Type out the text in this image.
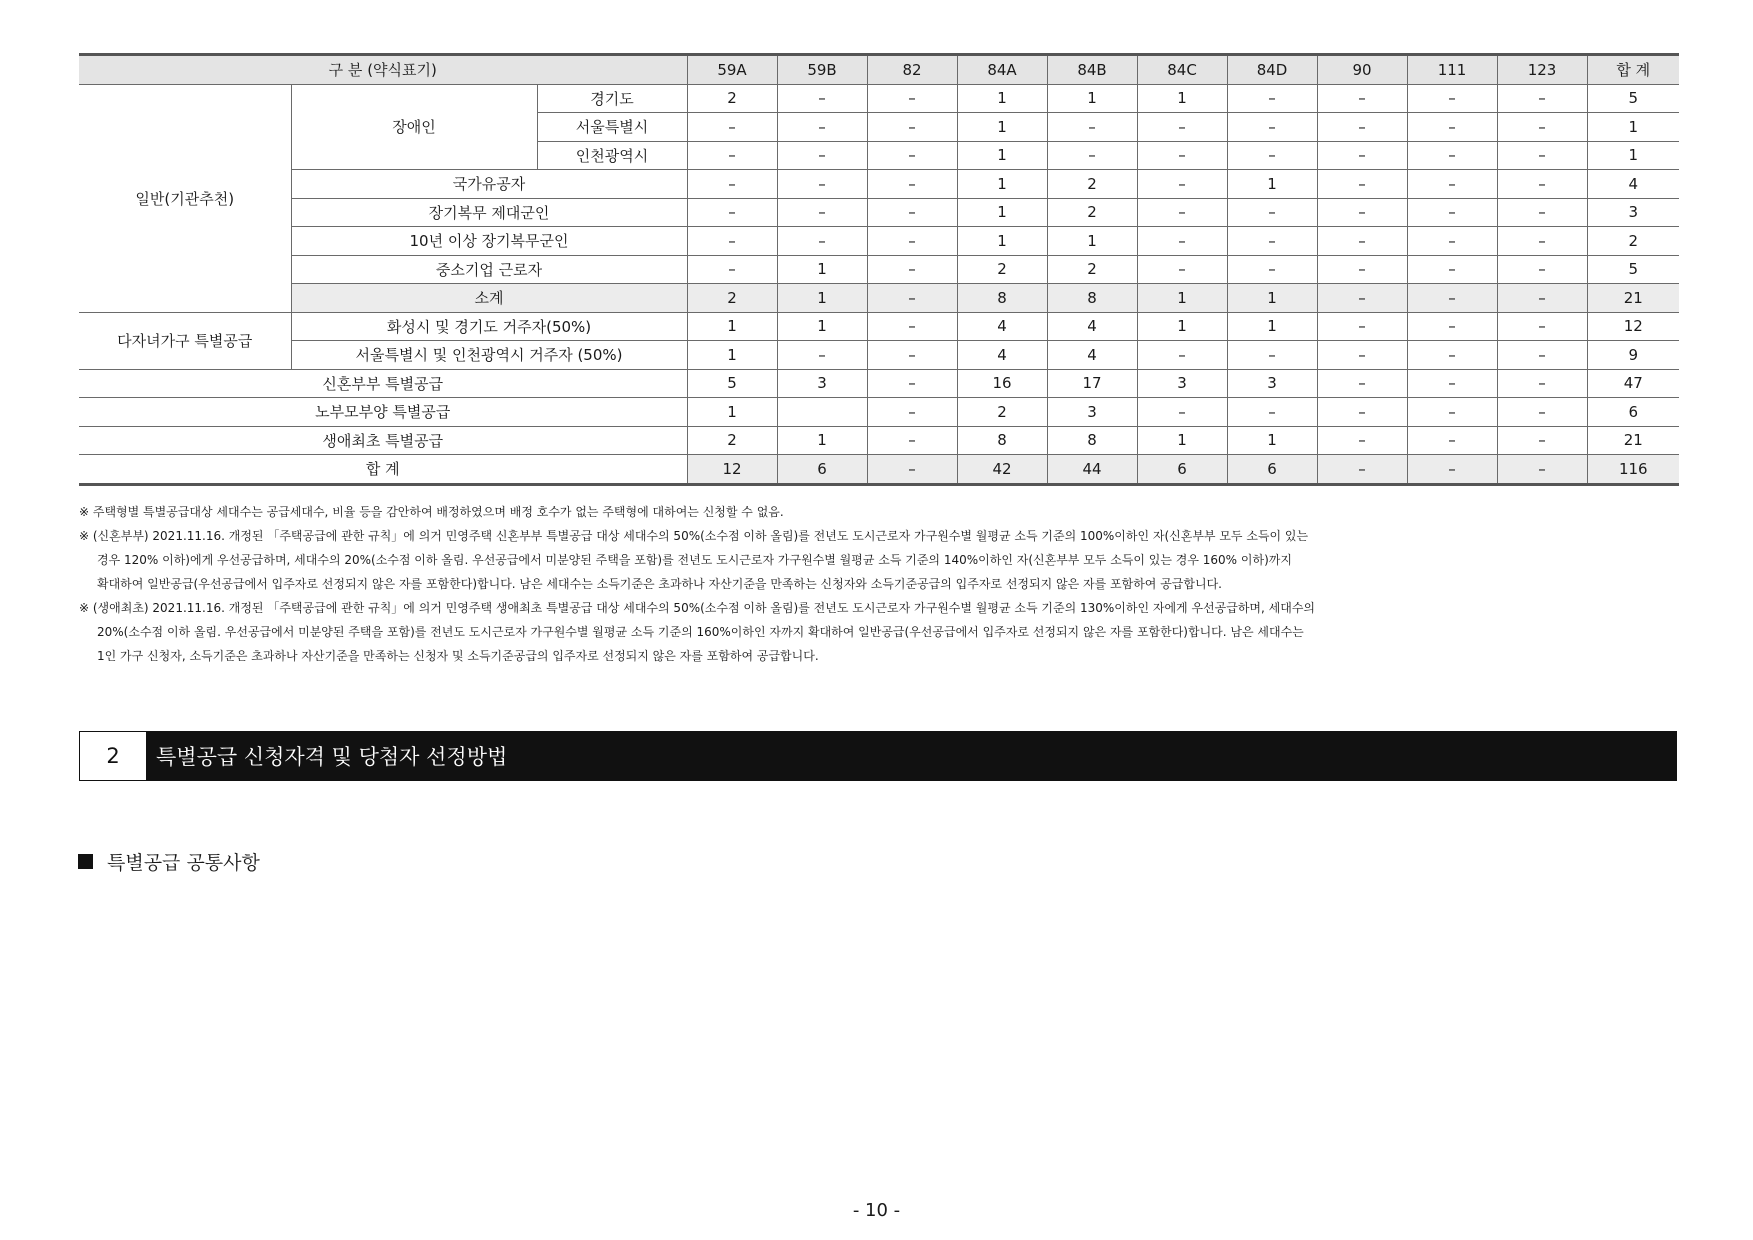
구 분 (약식표기)			59A	59B	82	84A	84B	84C	84D	90	111	123	합 계
일반(기관추천)	장애인	경기도	2	–	–	1	1	1	–	–	–	–	5
		서울특별시	–	–	–	1	–	–	–	–	–	–	1
		인천광역시	–	–	–	1	–	–	–	–	–	–	1
	국가유공자		–	–	–	1	2	–	1	–	–	–	4
	장기복무 제대군인		–	–	–	1	2	–	–	–	–	–	3
	10년 이상 장기복무군인		–	–	–	1	1	–	–	–	–	–	2
	중소기업 근로자		–	1	–	2	2	–	–	–	–	–	5
	소계		2	1	–	8	8	1	1	–	–	–	21
다자녀가구 특별공급	화성시 및 경기도 거주자(50%)		1	1	–	4	4	1	1	–	–	–	12
	서울특별시 및 인천광역시 거주자 (50%)		1	–	–	4	4	–	–	–	–	–	9
신혼부부 특별공급			5	3	–	16	17	3	3	–	–	–	47
노부모부양 특별공급			1		–	2	3	–	–	–	–	–	6
생애최초 특별공급			2	1	–	8	8	1	1	–	–	–	21
합 계			12	6	–	42	44	6	6	–	–	–	116
※ 주택형별 특별공급대상 세대수는 공급세대수, 비율 등을 감안하여 배정하였으며 배정 호수가 없는 주택형에 대하여는 신청할 수 없음.
※ (신혼부부) 2021.11.16. 개정된 「주택공급에 관한 규칙」에 의거 민영주택 신혼부부 특별공급 대상 세대수의 50%(소수점 이하 올림)를 전년도 도시근로자 가구원수별 월평균 소득 기준의 100%이하인 자(신혼부부 모두 소득이 있는
경우 120% 이하)에게 우선공급하며, 세대수의 20%(소수점 이하 올림. 우선공급에서 미분양된 주택을 포함)를 전년도 도시근로자 가구원수별 월평균 소득 기준의 140%이하인 자(신혼부부 모두 소득이 있는 경우 160% 이하)까지
확대하여 일반공급(우선공급에서 입주자로 선정되지 않은 자를 포함한다)합니다. 남은 세대수는 소득기준은 초과하나 자산기준을 만족하는 신청자와 소득기준공급의 입주자로 선정되지 않은 자를 포함하여 공급합니다.
※ (생애최초) 2021.11.16. 개정된 「주택공급에 관한 규칙」에 의거 민영주택 생애최초 특별공급 대상 세대수의 50%(소수점 이하 올림)를 전년도 도시근로자 가구원수별 월평균 소득 기준의 130%이하인 자에게 우선공급하며, 세대수의
20%(소수점 이하 올림. 우선공급에서 미분양된 주택을 포함)를 전년도 도시근로자 가구원수별 월평균 소득 기준의 160%이하인 자까지 확대하여 일반공급(우선공급에서 입주자로 선정되지 않은 자를 포함한다)합니다. 남은 세대수는
1인 가구 신청자, 소득기준은 초과하나 자산기준을 만족하는 신청자 및 소득기준공급의 입주자로 선정되지 않은 자를 포함하여 공급합니다.
2	특별공급 신청자격 및 당첨자 선정방법
특별공급 공통사항
- 10 -
